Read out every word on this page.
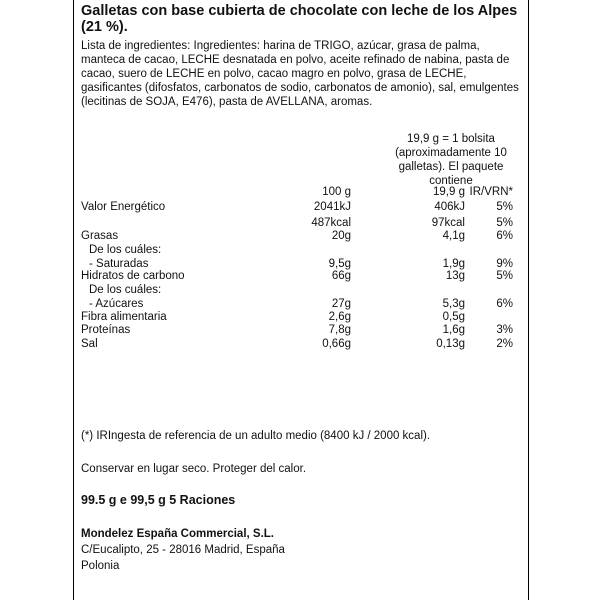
Galletas con base cubierta de chocolate con leche de los Alpes (21 %).
Lista de ingredientes: Ingredientes: harina de TRIGO, azúcar, grasa de palma, manteca de cacao, LECHE desnatada en polvo, aceite refinado de nabina, pasta de cacao, suero de LECHE en polvo, cacao magro en polvo, grasa de LECHE, gasificantes (difosfatos, carbonatos de sodio, carbonatos de amonio), sal, emulgentes (lecitinas de SOJA, E476), pasta de AVELLANA, aromas.
19,9 g = 1 bolsita (aproximadamente 10 galletas). El paquete contiene
100 g	19,9 g IR/VRN*
Valor Energético	2041kJ	406kJ	5%
487kcal	97kcal	5%
Grasas	20g	4,1g	6%
De los cuáles:
- Saturadas	9,5g	1,9g	9%
Hidratos de carbono	66g	13g	5%
De los cuáles:
- Azúcares	27g	5,3g	6%
Fibra alimentaria	2,6g	0,5g
Proteínas	7,8g	1,6g	3%
Sal	0,66g	0,13g	2%
(*) IRIngesta de referencia de un adulto medio (8400 kJ / 2000 kcal).
Conservar en lugar seco. Proteger del calor.
99.5 g e 99,5 g 5 Raciones
Mondelez España Commercial, S.L.
C/Eucalipto, 25 - 28016 Madrid, España
Polonia
